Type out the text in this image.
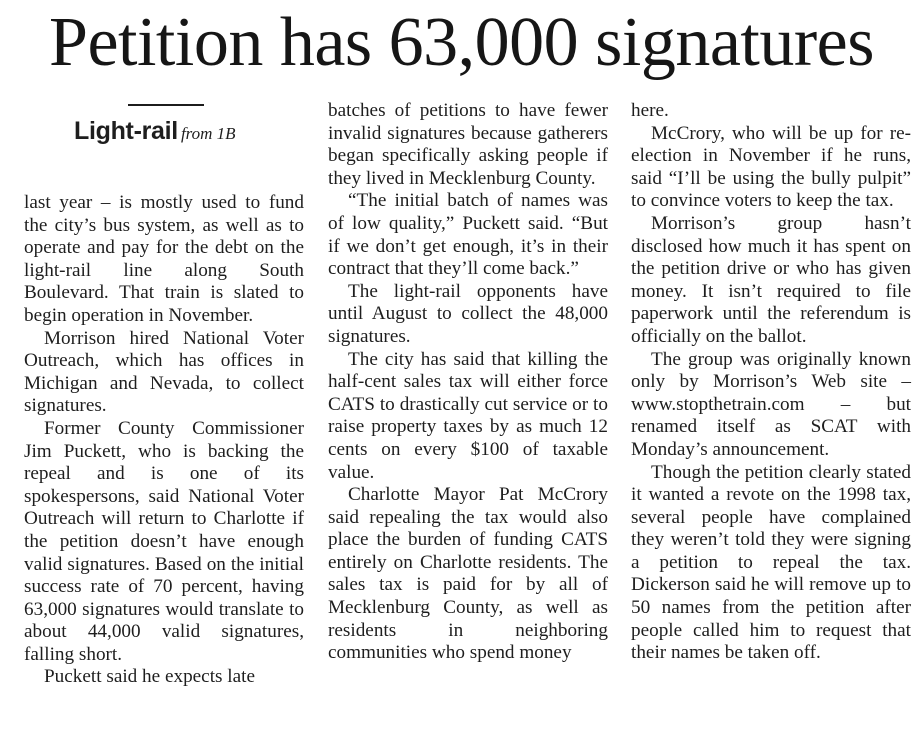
Petition has 63,000 signatures
Light-rail from 1B

last year – is mostly used to fund the city’s bus system, as well as to operate and pay for the debt on the light-rail line along South Boulevard. That train is slated to begin operation in November.

Morrison hired National Voter Outreach, which has offices in Michigan and Nevada, to collect signatures.

Former County Commissioner Jim Puckett, who is backing the repeal and is one of its spokespersons, said National Voter Outreach will return to Charlotte if the petition doesn’t have enough valid signatures. Based on the initial success rate of 70 percent, having 63,000 signatures would translate to about 44,000 valid signatures, falling short.

Puckett said he expects late

batches of petitions to have fewer invalid signatures because gatherers began specifically asking people if they lived in Mecklenburg County.

“The initial batch of names was of low quality,” Puckett said. “But if we don’t get enough, it’s in their contract that they’ll come back.”

The light-rail opponents have until August to collect the 48,000 signatures.

The city has said that killing the half-cent sales tax will either force CATS to drastically cut service or to raise property taxes by as much 12 cents on every $100 of taxable value.

Charlotte Mayor Pat McCrory said repealing the tax would also place the burden of funding CATS entirely on Charlotte residents. The sales tax is paid for by all of Mecklenburg County, as well as residents in neighboring communities who spend money

here.

McCrory, who will be up for re-election in November if he runs, said “I’ll be using the bully pulpit” to convince voters to keep the tax.

Morrison’s group hasn’t disclosed how much it has spent on the petition drive or who has given money. It isn’t required to file paperwork until the referendum is officially on the ballot.

The group was originally known only by Morrison’s Web site – www.stopthetrain.com – but renamed itself as SCAT with Monday’s announcement.

Though the petition clearly stated it wanted a revote on the 1998 tax, several people have complained they weren’t told they were signing a petition to repeal the tax. Dickerson said he will remove up to 50 names from the petition after people called him to request that their names be taken off.
